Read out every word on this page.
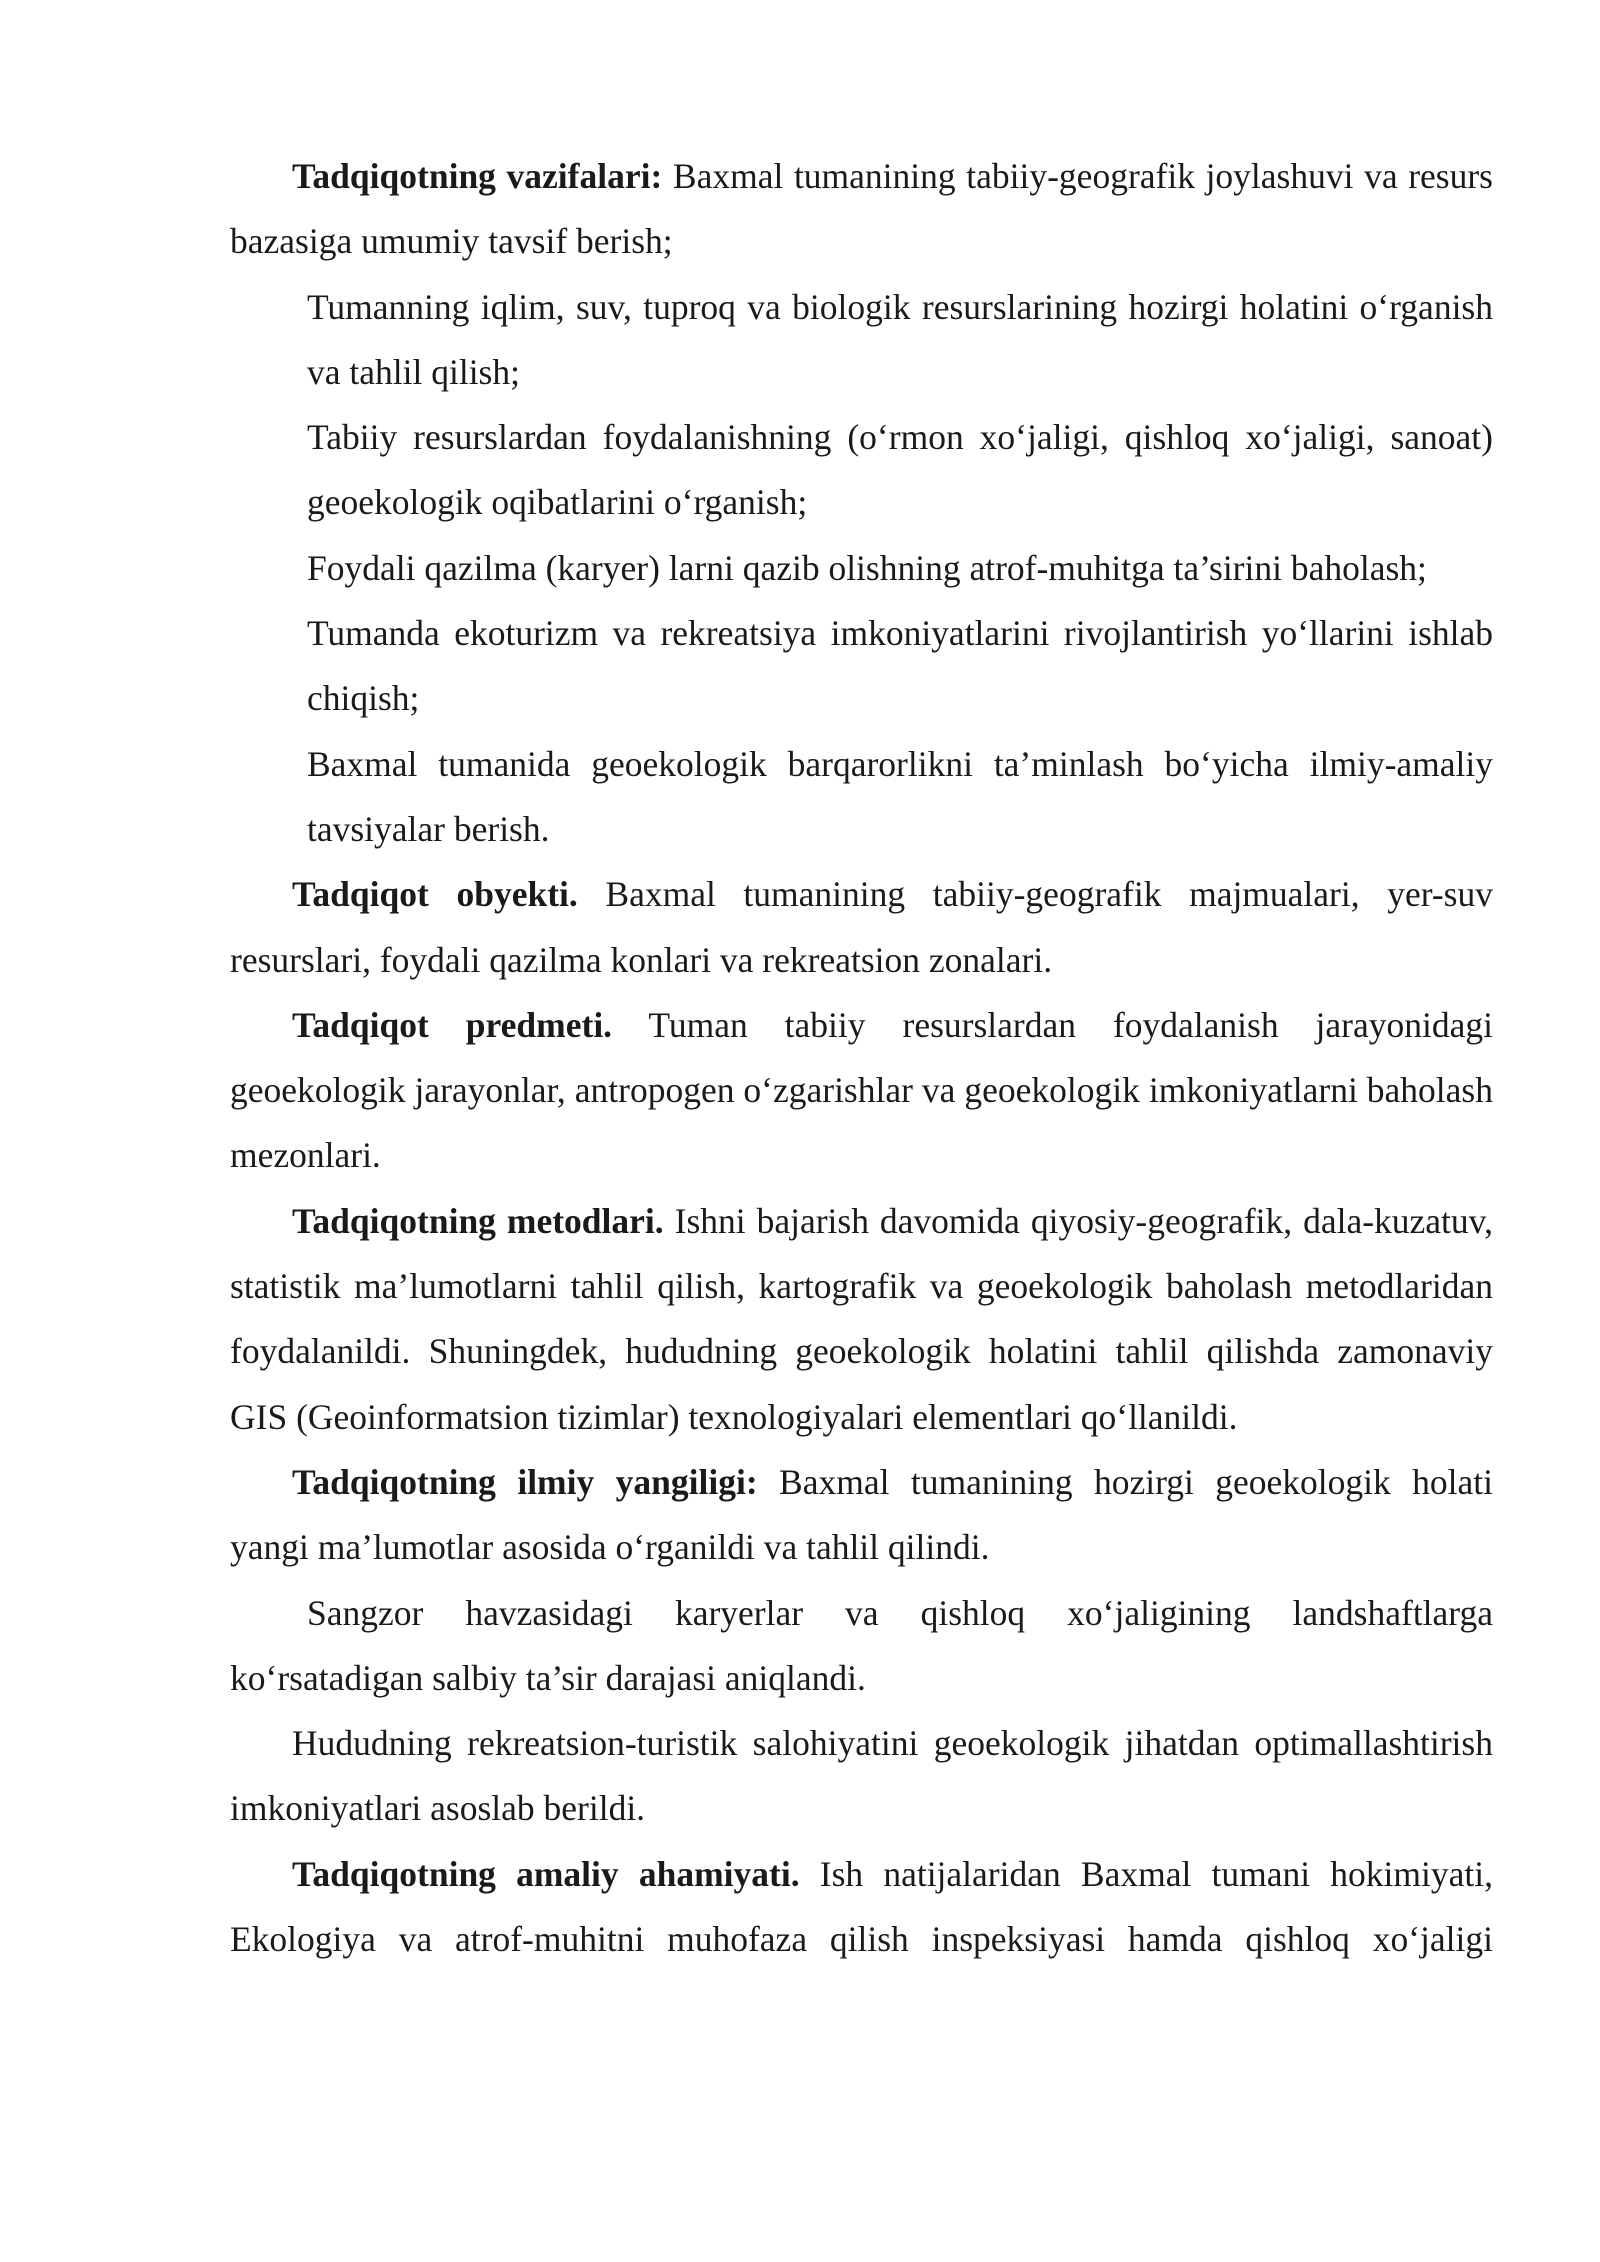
Tadqiqotning vazifalari: Baxmal tumanining tabiiy-geografik joylashuvi va resurs bazasiga umumiy tavsif berish;

Tumanning iqlim, suv, tuproq va biologik resurslarining hozirgi holatini o‘rganish va tahlil qilish;

Tabiiy resurslardan foydalanishning (o‘rmon xo‘jaligi, qishloq xo‘jaligi, sanoat) geoekologik oqibatlarini o‘rganish;

Foydali qazilma (karyer) larni qazib olishning atrof-muhitga ta’sirini baholash;

Tumanda ekoturizm va rekreatsiya imkoniyatlarini rivojlantirish yo‘llarini ishlab chiqish;

Baxmal tumanida geoekologik barqarorlikni ta’minlash bo‘yicha ilmiy-amaliy tavsiyalar berish.

Tadqiqot obyekti. Baxmal tumanining tabiiy-geografik majmualari, yer-suv resurslari, foydali qazilma konlari va rekreatsion zonalari.

Tadqiqot predmeti. Tuman tabiiy resurslardan foydalanish jarayonidagi geoekologik jarayonlar, antropogen o‘zgarishlar va geoekologik imkoniyatlarni baholash mezonlari.

Tadqiqotning metodlari. Ishni bajarish davomida qiyosiy-geografik, dala-kuzatuv, statistik ma’lumotlarni tahlil qilish, kartografik va geoekologik baholash metodlaridan foydalanildi. Shuningdek, hududning geoekologik holatini tahlil qilishda zamonaviy GIS (Geoinformatsion tizimlar) texnologiyalari elementlari qo‘llanildi.

Tadqiqotning ilmiy yangiligi: Baxmal tumanining hozirgi geoekologik holati yangi ma’lumotlar asosida o‘rganildi va tahlil qilindi.

Sangzor havzasidagi karyerlar va qishloq xo‘jaligining landshaftlarga ko‘rsatadigan salbiy ta’sir darajasi aniqlandi.

Hududning rekreatsion-turistik salohiyatini geoekologik jihatdan optimallashtirish imkoniyatlari asoslab berildi.

Tadqiqotning amaliy ahamiyati. Ish natijalaridan Baxmal tumani hokimiyati, Ekologiya va atrof-muhitni muhofaza qilish inspeksiyasi hamda qishloq xo‘jaligi
